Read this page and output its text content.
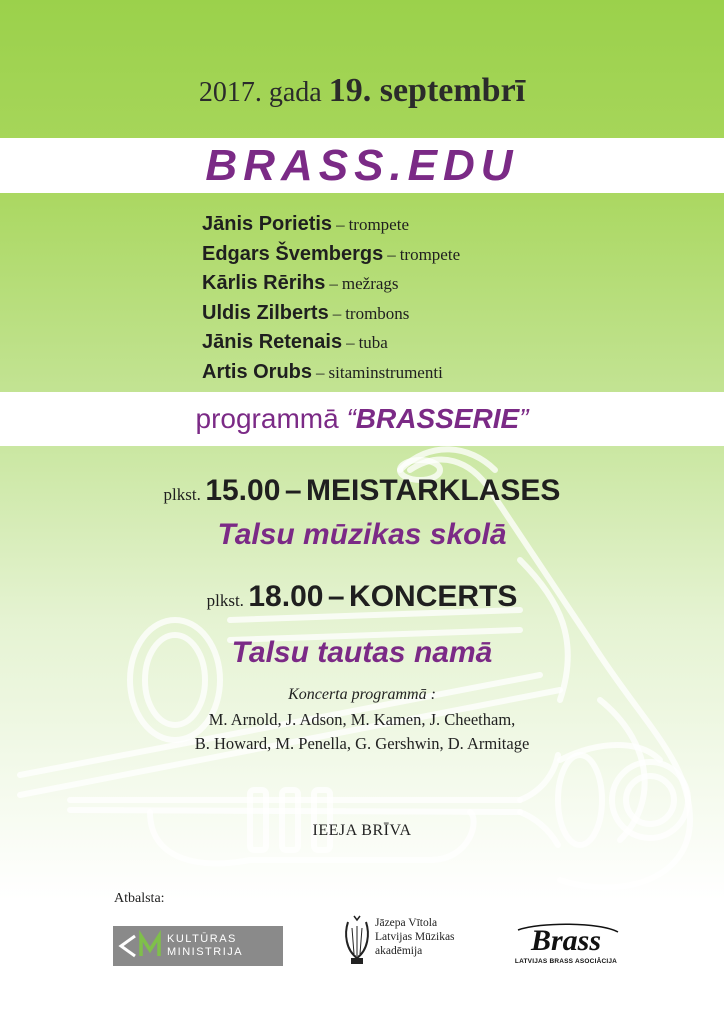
2017. gada 19. septembrī
BRASS.EDU
Jānis Porietis – trompete
Edgars Švembergs – trompete
Kārlis Rērihs – mežrags
Uldis Zilberts – trombons
Jānis Retenais – tuba
Artis Orubs – sitaminstrumenti
programmā “BRASSERIE”
plkst. 15.00 – MEISTARKLASES
Talsu mūzikas skolā
plkst. 18.00 – KONCERTS
Talsu tautas namā
Koncerta programmā :
M. Arnold, J. Adson, M. Kamen, J. Cheetham,
B. Howard, M. Penella, G. Gershwin, D. Armitage
IEEJA BRĪVA
Atbalsta:
KULTŪRAS
MINISTRIJA
Jāzepa Vītola
Latvijas Mūzikas
akadēmija	Brass
LATVIJAS BRASS ASOCIĀCIJA
